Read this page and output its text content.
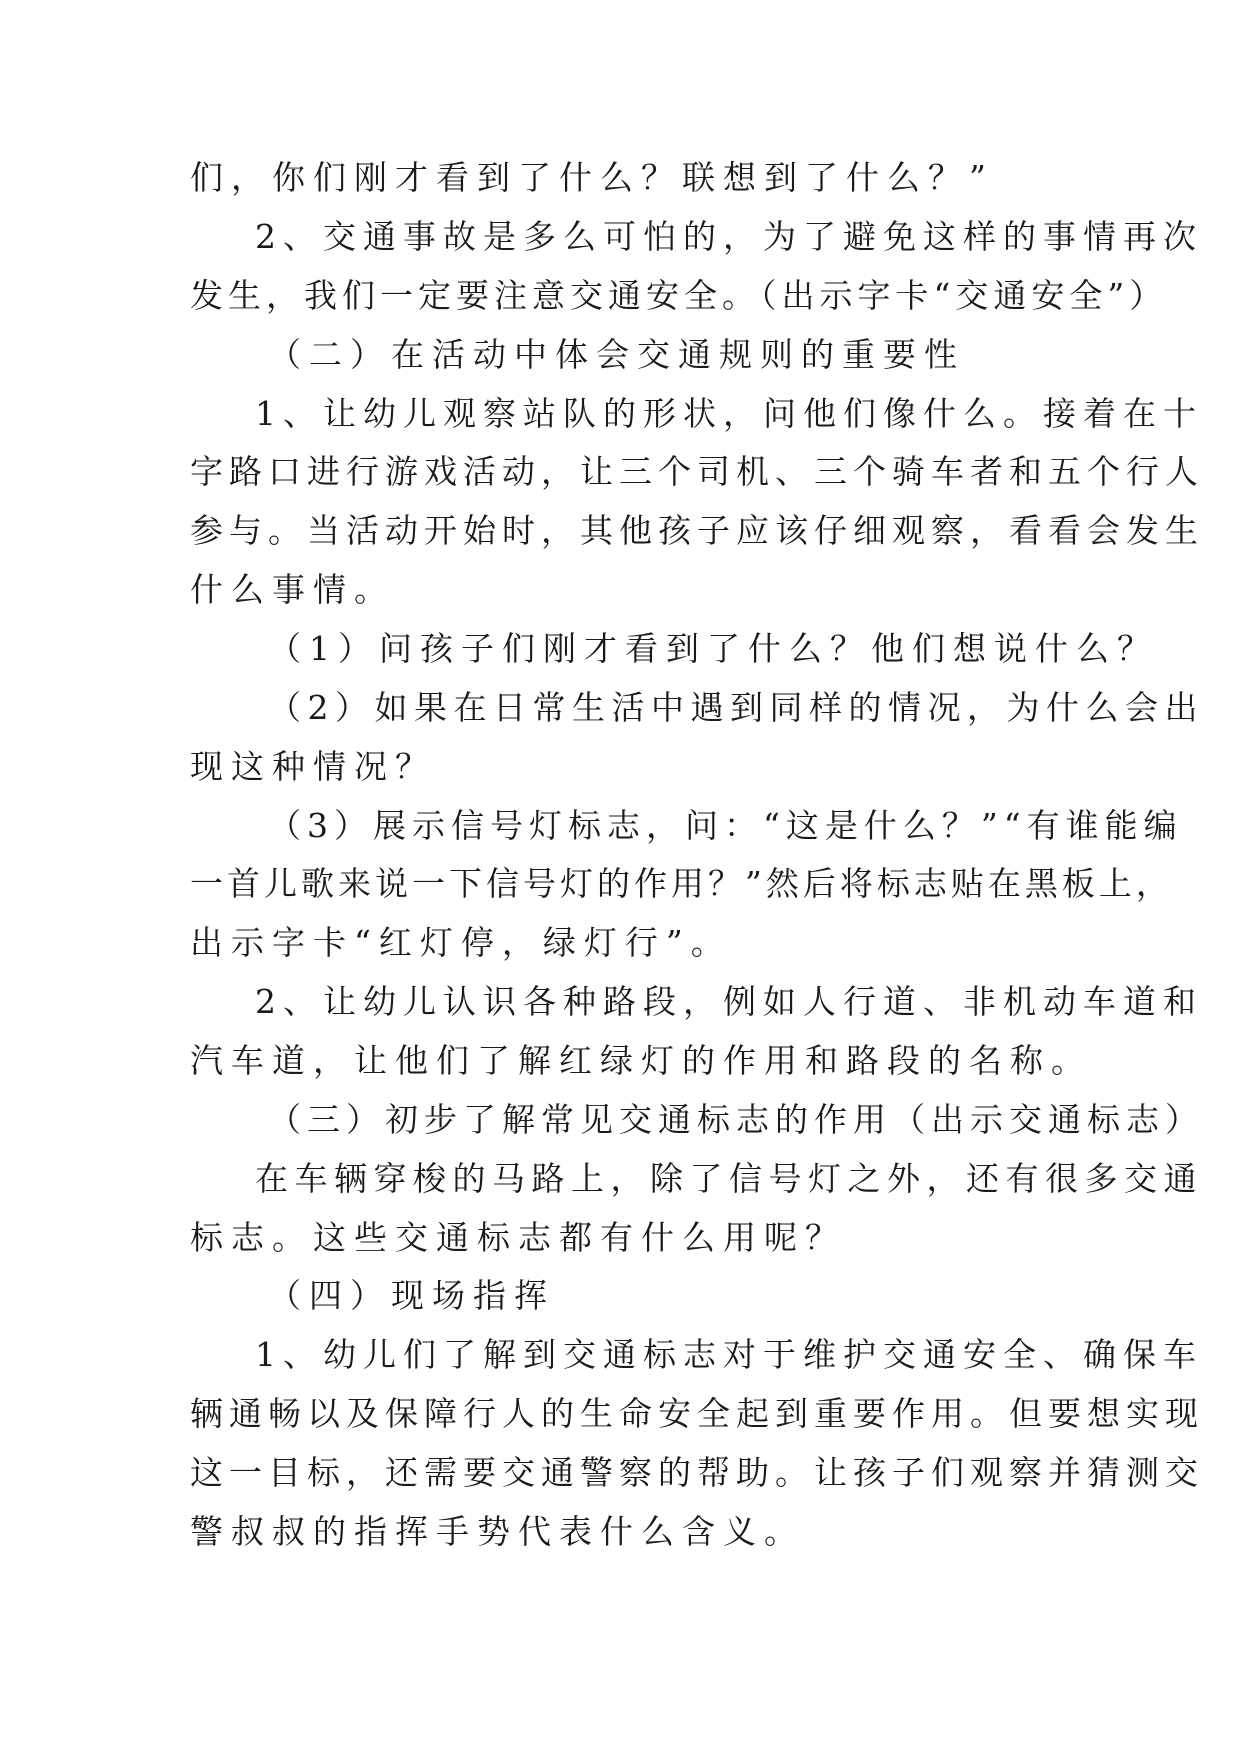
们，你们刚才看到了什么？联想到了什么？”
2、交通事故是多么可怕的，为了避免这样的事情再次
发生，我们一定要注意交通安全。（出示字卡“交通安全”）
（二）在活动中体会交通规则的重要性
1、让幼儿观察站队的形状，问他们像什么。接着在十
字路口进行游戏活动，让三个司机、三个骑车者和五个行人
参与。当活动开始时，其他孩子应该仔细观察，看看会发生
什么事情。
（1）问孩子们刚才看到了什么？他们想说什么？
（2）如果在日常生活中遇到同样的情况，为什么会出
现这种情况？
（3）展示信号灯标志，问：“这是什么？”“有谁能编
一首儿歌来说一下信号灯的作用？”然后将标志贴在黑板上，
出示字卡“红灯停，绿灯行”。
2、让幼儿认识各种路段，例如人行道、非机动车道和
汽车道，让他们了解红绿灯的作用和路段的名称。
（三）初步了解常见交通标志的作用（出示交通标志）
在车辆穿梭的马路上，除了信号灯之外，还有很多交通
标志。这些交通标志都有什么用呢？
（四）现场指挥
1、幼儿们了解到交通标志对于维护交通安全、确保车
辆通畅以及保障行人的生命安全起到重要作用。但要想实现
这一目标，还需要交通警察的帮助。让孩子们观察并猜测交
警叔叔的指挥手势代表什么含义。
